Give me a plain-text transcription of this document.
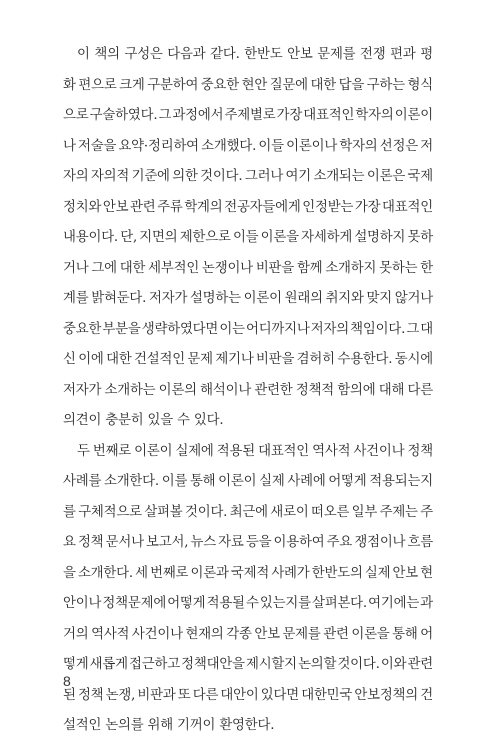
이 책의 구성은 다음과 같다. 한반도 안보 문제를 전쟁 편과 평
화 편으로 크게 구분하여 중요한 현안 질문에 대한 답을 구하는 형식
으로 구술하였다. 그 과정에서 주제별로 가장 대표적인 학자의 이론이
나 저술을 요약·정리하여 소개했다. 이들 이론이나 학자의 선정은 저
자의 자의적 기준에 의한 것이다. 그러나 여기 소개되는 이론은 국제
정치와 안보 관련 주류 학계의 전공자들에게 인정받는 가장 대표적인
내용이다. 단, 지면의 제한으로 이들 이론을 자세하게 설명하지 못하
거나 그에 대한 세부적인 논쟁이나 비판을 함께 소개하지 못하는 한
계를 밝혀둔다. 저자가 설명하는 이론이 원래의 취지와 맞지 않거나
중요한 부분을 생략하였다면 이는 어디까지나 저자의 책임이다. 그 대
신 이에 대한 건설적인 문제 제기나 비판을 겸허히 수용한다. 동시에
저자가 소개하는 이론의 해석이나 관련한 정책적 함의에 대해 다른
의견이 충분히 있을 수 있다.
두 번째로 이론이 실제에 적용된 대표적인 역사적 사건이나 정책
사례를 소개한다. 이를 통해 이론이 실제 사례에 어떻게 적용되는지
를 구체적으로 살펴볼 것이다. 최근에 새로이 떠오른 일부 주제는 주
요 정책 문서나 보고서, 뉴스 자료 등을 이용하여 주요 쟁점이나 흐름
을 소개한다. 세 번째로 이론과 국제적 사례가 한반도의 실제 안보 현
안이나 정책문제에 어떻게 적용될 수 있는지를 살펴본다. 여기에는 과
거의 역사적 사건이나 현재의 각종 안보 문제를 관련 이론을 통해 어
떻게 새롭게 접근하고 정책대안을 제시할지 논의할 것이다. 이와 관련
된 정책 논쟁, 비판과 또 다른 대안이 있다면 대한민국 안보정책의 건
설적인 논의를 위해 기꺼이 환영한다.
8
